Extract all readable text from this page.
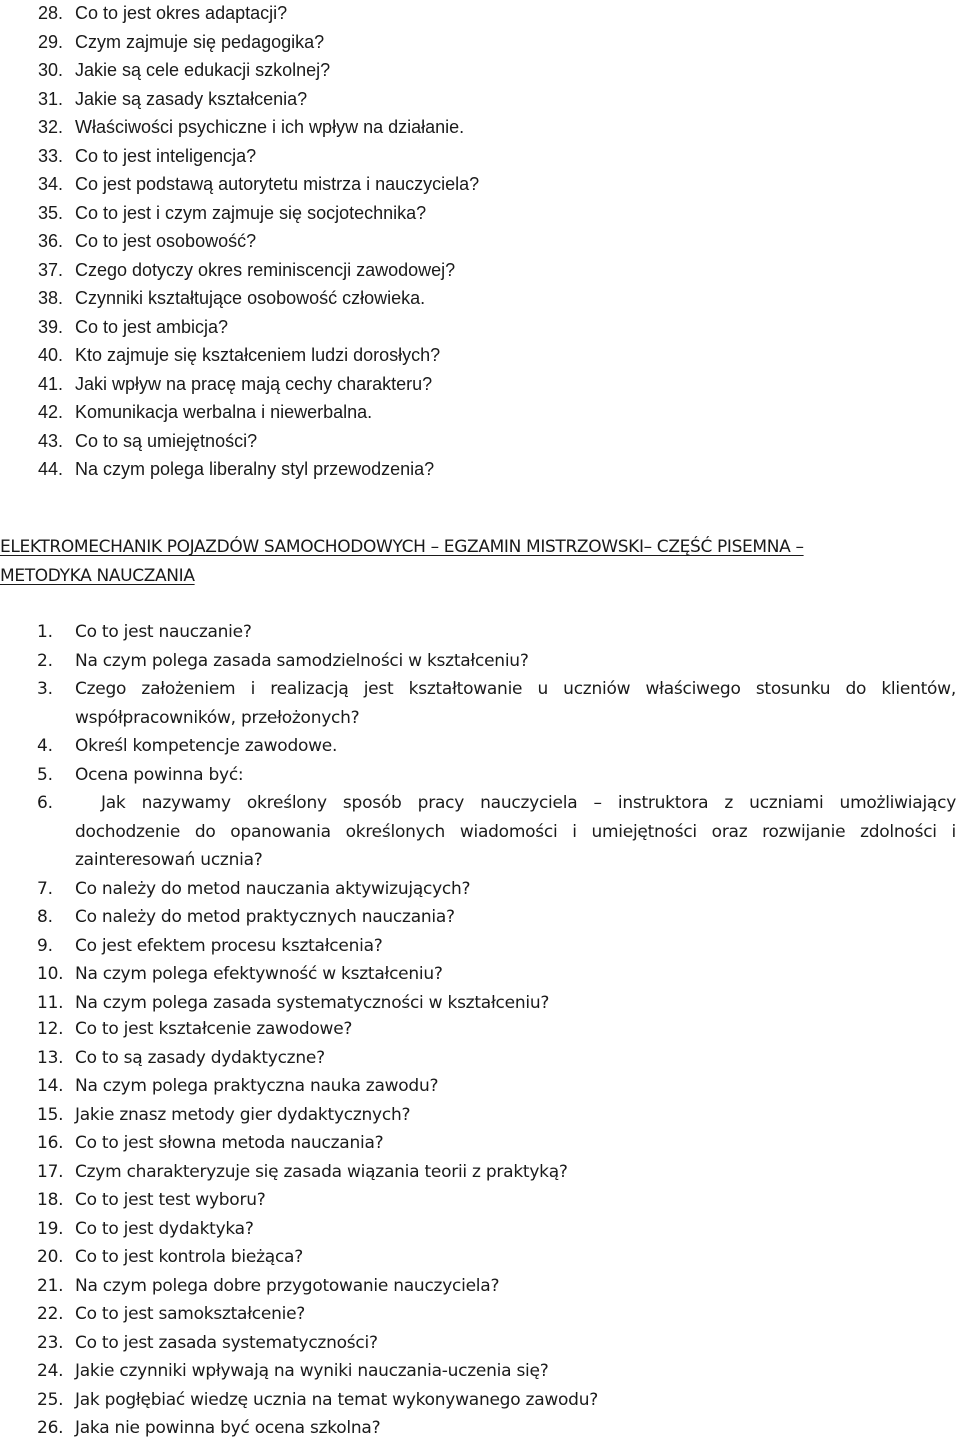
28. Co to jest okres adaptacji?
29. Czym zajmuje się pedagogika?
30. Jakie są cele edukacji szkolnej?
31. Jakie są zasady kształcenia?
32. Właściwości psychiczne i ich wpływ na działanie.
33. Co to jest inteligencja?
34. Co jest podstawą autorytetu mistrza i nauczyciela?
35. Co to jest i czym zajmuje się socjotechnika?
36. Co to jest osobowość?
37. Czego dotyczy okres reminiscencji zawodowej?
38. Czynniki kształtujące osobowość człowieka.
39. Co to jest ambicja?
40. Kto zajmuje się kształceniem ludzi dorosłych?
41. Jaki wpływ na pracę mają cechy charakteru?
42. Komunikacja werbalna i niewerbalna.
43. Co to są umiejętności?
44. Na czym polega liberalny styl przewodzenia?
ELEKTROMECHANIK POJAZDÓW SAMOCHODOWYCH – EGZAMIN MISTRZOWSKI– CZĘŚĆ PISEMNA –
METODYKA NAUCZANIA
1. Co to jest nauczanie?
2. Na czym polega zasada samodzielności w kształceniu?
3. Czego założeniem i realizacją jest kształtowanie u uczniów właściwego stosunku do klientów, współpracowników, przełożonych?
4. Określ kompetencje zawodowe.
5. Ocena powinna być:
6.	Jak nazywamy określony sposób pracy nauczyciela – instruktora z uczniami umożliwiający dochodzenie do opanowania określonych wiadomości i umiejętności oraz rozwijanie zdolności i zainteresowań ucznia?
7. Co należy do metod nauczania aktywizujących?
8. Co należy do metod praktycznych nauczania?
9. Co jest efektem procesu kształcenia?
10. Na czym polega efektywność w kształceniu?
11. Na czym polega zasada systematyczności w kształceniu?
12. Co to jest kształcenie zawodowe?
13. Co to są zasady dydaktyczne?
14. Na czym polega praktyczna nauka zawodu?
15. Jakie znasz metody gier dydaktycznych?
16. Co to jest słowna metoda nauczania?
17. Czym charakteryzuje się zasada wiązania teorii z praktyką?
18. Co to jest test wyboru?
19. Co to jest dydaktyka?
20. Co to jest kontrola bieżąca?
21. Na czym polega dobre przygotowanie nauczyciela?
22. Co to jest samokształcenie?
23. Co to jest zasada systematyczności?
24. Jakie czynniki wpływają na wyniki nauczania-uczenia się?
25. Jak pogłębiać wiedzę ucznia na temat wykonywanego zawodu?
26. Jaka nie powinna być ocena szkolna?
